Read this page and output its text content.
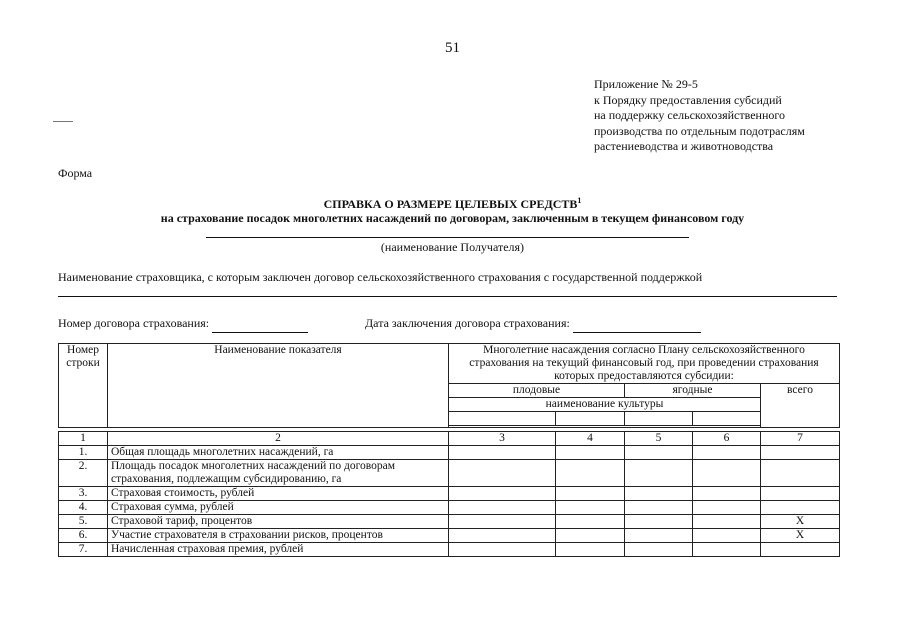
51
Приложение № 29-5
к Порядку предоставления субсидий
на поддержку сельскохозяйственного
производства по отдельным подотраслям
растениеводства и животноводства
Форма
СПРАВКА О РАЗМЕРЕ ЦЕЛЕВЫХ СРЕДСТВ$^1$
на страхование посадок многолетних насаждений по договорам, заключенным в текущем финансовом году
(наименование Получателя)
Наименование страховщика, с которым заключен договор сельскохозяйственного страхования с государственной поддержкой
Номер договора страхования:	Дата заключения договора страхования:
Номер строки	Наименование показателя	Многолетние насаждения согласно Плану сельскохозяйственного страхования на текущий финансовый год, при проведении страхования которых предоставляются субсидии:				
		плодовые		ягодные		всего
		наименование культуры				

1	2	3	4	5	6	7
1.	Общая площадь многолетних насаждений, га					
2.	Площадь посадок многолетних насаждений по договорам страхования, подлежащим субсидированию, га					
3.	Страховая стоимость, рублей					
4.	Страховая сумма, рублей					
5.	Страховой тариф, процентов					Х
6.	Участие страхователя в страховании рисков, процентов					Х
7.	Начисленная страховая премия, рублей					
